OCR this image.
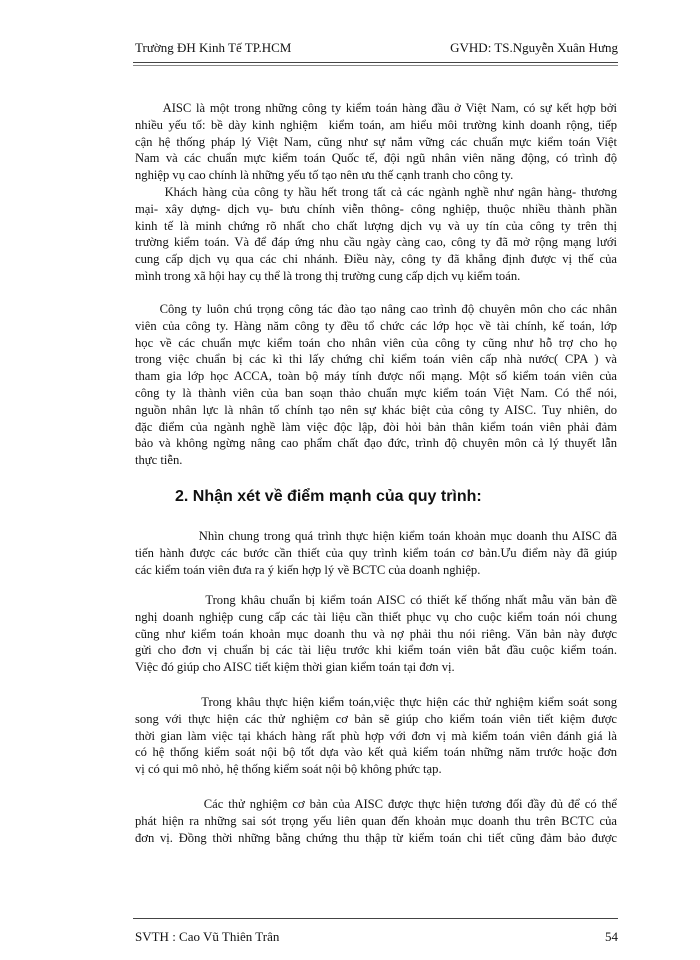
Trường ĐH Kinh Tế TP.HCM	GVHD: TS.Nguyễn Xuân Hưng
AISC là một trong những công ty kiểm toán hàng đầu ở Việt Nam, có sự kết hợp bởi
nhiều yếu tố: bề dày kinh nghiệm  kiểm toán, am hiểu môi trường kinh doanh rộng, tiếp
cận hệ thống pháp lý Việt Nam, cũng như sự nắm vững các chuẩn mực kiểm toán Việt
Nam và các chuẩn mực kiểm toán Quốc tế, đội ngũ nhân viên năng động, có trình độ
nghiệp vụ cao chính là những yếu tố tạo nên ưu thế cạnh tranh cho công ty.
Khách hàng của công ty hầu hết trong tất cả các ngành nghề như ngân hàng- thương
mại- xây dựng- dịch vụ- bưu chính viễn thông- công nghiệp, thuộc nhiều thành phần
kinh tế là minh chứng rõ nhất cho chất lượng dịch vụ và uy tín của công ty trên thị
trường kiểm toán. Và để đáp ứng nhu cầu ngày càng cao, công ty đã mở rộng mạng lưới
cung cấp dịch vụ qua các chi nhánh. Điều này, công ty đã khẳng định được vị thế của
mình trong xã hội hay cụ thể là trong thị trường cung cấp dịch vụ kiểm toán.
Công ty luôn chú trọng công tác đào tạo nâng cao trình độ chuyên môn cho các nhân
viên của công ty. Hàng năm công ty đều tổ chức các lớp học về tài chính, kế toán, lớp
học về các chuẩn mực kiểm toán cho nhân viên của công ty cũng như hỗ trợ cho họ
trong việc chuẩn bị các kì thi lấy chứng chỉ kiểm toán viên cấp nhà nước( CPA ) và
tham gia lớp học ACCA, toàn bộ máy tính được nối mạng. Một số kiểm toán viên của
công ty là thành viên của ban soạn thảo chuẩn mực kiểm toán Việt Nam. Có thể nói,
nguồn nhân lực là nhân tố chính tạo nên sự khác biệt của công ty AISC. Tuy nhiên, do
đặc điểm của ngành nghề làm việc độc lập, đòi hỏi bản thân kiểm toán viên phải đảm
bảo và không ngừng nâng cao phẩm chất đạo đức, trình độ chuyên môn cả lý thuyết lẫn
thực tiễn.
2. Nhận xét về điểm mạnh của quy trình:
Nhìn chung trong quá trình thực hiện kiểm toán khoản mục doanh thu AISC đã
tiến hành được các bước cần thiết của quy trình kiểm toán cơ bản.Ưu điểm này đã giúp
các kiểm toán viên đưa ra ý kiến hợp lý về BCTC của doanh nghiệp.
Trong khâu chuẩn bị kiểm toán AISC có thiết kế thống nhất mẫu văn bản đề
nghị doanh nghiệp cung cấp các tài liệu cần thiết phục vụ cho cuộc kiểm toán nói chung
cũng như kiểm toán khoản mục doanh thu và nợ phải thu nói riêng. Văn bản này được
gửi cho đơn vị chuẩn bị các tài liệu trước khi kiểm toán viên bắt đầu cuộc kiểm toán.
Việc đó giúp cho AISC tiết kiệm thời gian kiểm toán tại đơn vị.
Trong khâu thực hiện kiểm toán,việc thực hiện các thử nghiệm kiểm soát song
song với thực hiện các thử nghiệm cơ bản sẽ giúp cho kiểm toán viên tiết kiệm được
thời gian làm việc tại khách hàng rất phù hợp với đơn vị mà kiểm toán viên đánh giá là
có hệ thống kiểm soát nội bộ tốt dựa vào kết quả kiểm toán những năm trước hoặc đơn
vị có qui mô nhỏ, hệ thống kiểm soát nội bộ không phức tạp.
Các thử nghiệm cơ bản của AISC được thực hiện tương đối đầy đủ để có thể
phát hiện ra những sai sót trọng yếu liên quan đến khoản mục doanh thu trên BCTC của
đơn vị. Đồng thời những bằng chứng thu thập từ kiểm toán chi tiết cũng đảm bảo được
SVTH : Cao Vũ Thiên Trân	54
